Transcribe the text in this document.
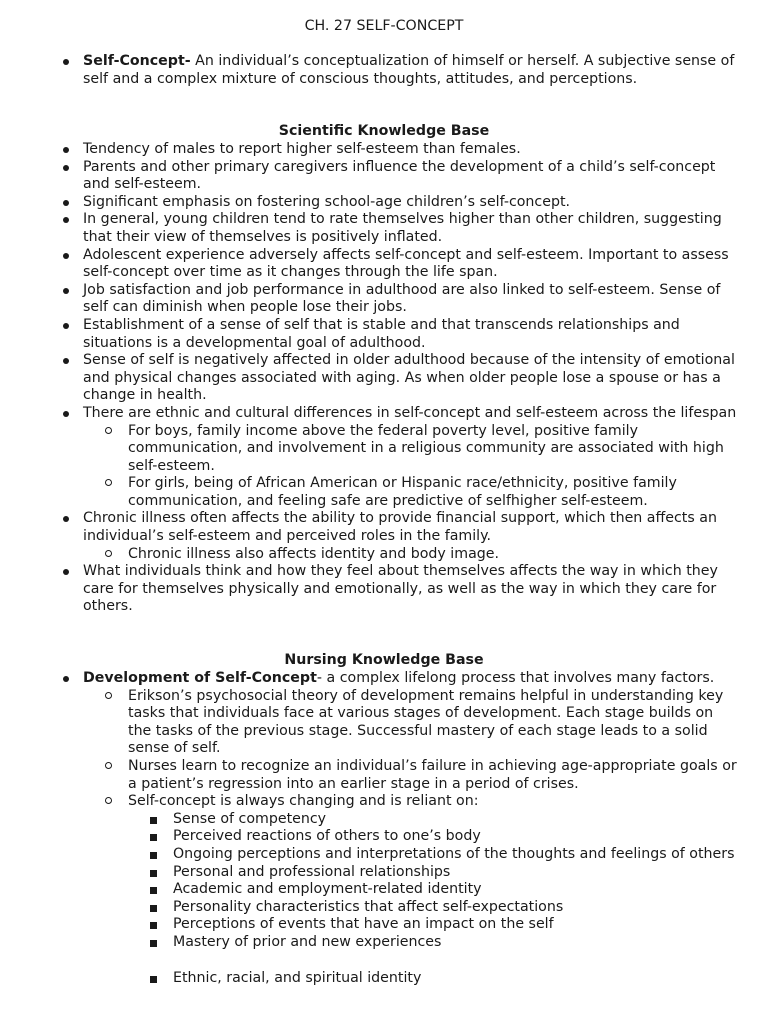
CH. 27 SELF-CONCEPT
Self-Concept- An individual’s conceptualization of himself or herself. A subjective sense of self and a complex mixture of conscious thoughts, attitudes, and perceptions.
Scientific Knowledge Base
Tendency of males to report higher self-esteem than females.
Parents and other primary caregivers influence the development of a child’s self-concept and self-esteem.
Significant emphasis on fostering school-age children’s self-concept.
In general, young children tend to rate themselves higher than other children, suggesting that their view of themselves is positively inflated.
Adolescent experience adversely affects self-concept and self-esteem. Important to assess self-concept over time as it changes through the life span.
Job satisfaction and job performance in adulthood are also linked to self-esteem. Sense of self can diminish when people lose their jobs.
Establishment of a sense of self that is stable and that transcends relationships and situations is a developmental goal of adulthood.
Sense of self is negatively affected in older adulthood because of the intensity of emotional and physical changes associated with aging. As when older people lose a spouse or has a change in health.
There are ethnic and cultural differences in self-concept and self-esteem across the lifespan
For boys, family income above the federal poverty level, positive family communication, and involvement in a religious community are associated with high self-esteem.
For girls, being of African American or Hispanic race/ethnicity, positive family communication, and feeling safe are predictive of selfhigher self-esteem.
Chronic illness often affects the ability to provide financial support, which then affects an individual’s self-esteem and perceived roles in the family.
Chronic illness also affects identity and body image.
What individuals think and how they feel about themselves affects the way in which they care for themselves physically and emotionally, as well as the way in which they care for others.
Nursing Knowledge Base
Development of Self-Concept- a complex lifelong process that involves many factors.
Erikson’s psychosocial theory of development remains helpful in understanding key tasks that individuals face at various stages of development. Each stage builds on the tasks of the previous stage. Successful mastery of each stage leads to a solid sense of self.
Nurses learn to recognize an individual’s failure in achieving age-appropriate goals or a patient’s regression into an earlier stage in a period of crises.
Self-concept is always changing and is reliant on:
Sense of competency
Perceived reactions of others to one’s body
Ongoing perceptions and interpretations of the thoughts and feelings of others
Personal and professional relationships
Academic and employment-related identity
Personality characteristics that affect self-expectations
Perceptions of events that have an impact on the self
Mastery of prior and new experiences
Ethnic, racial, and spiritual identity
